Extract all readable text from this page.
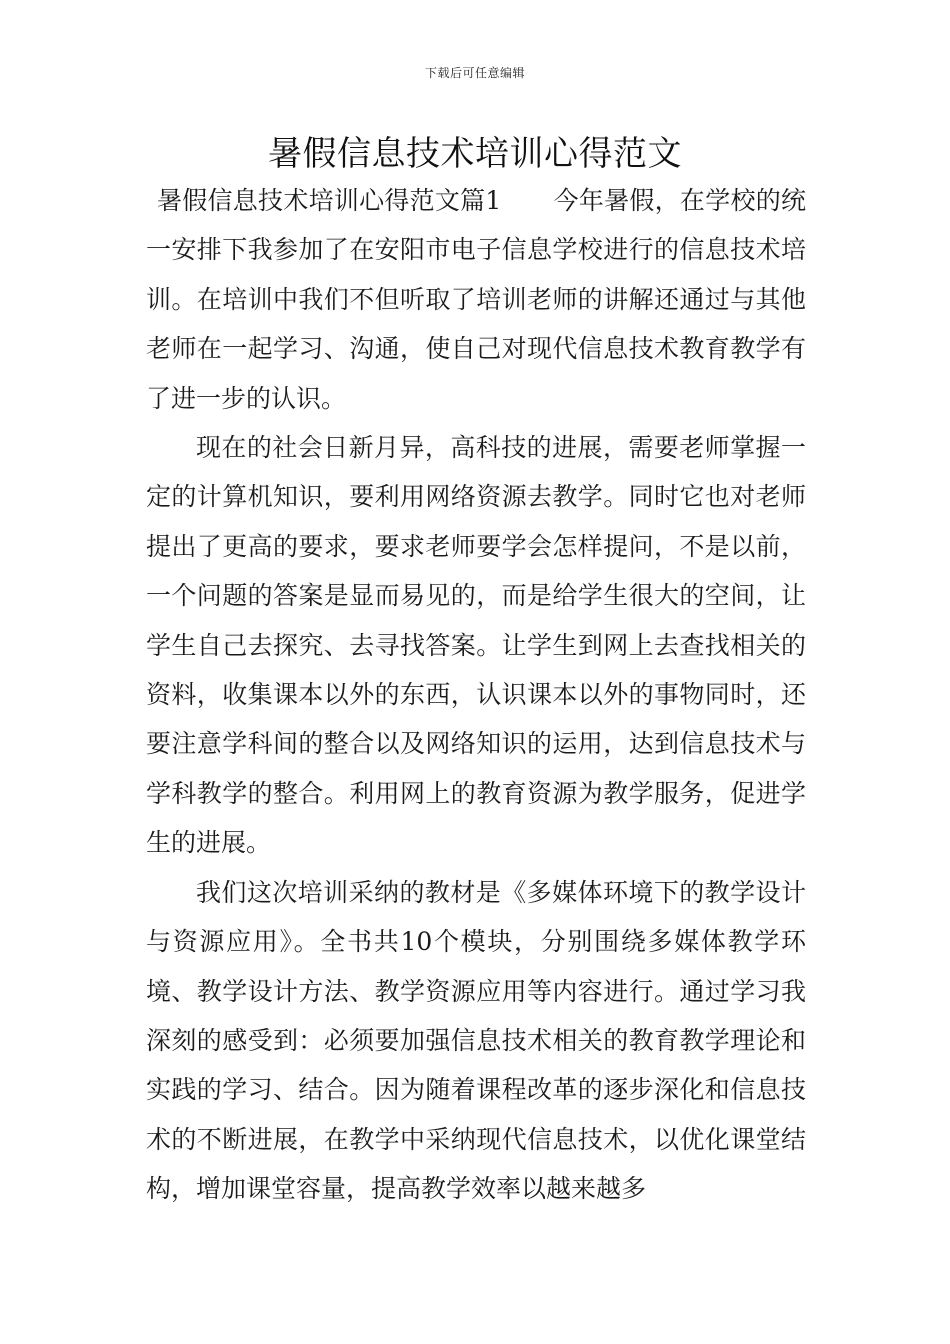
下载后可任意编辑
暑假信息技术培训心得范文

暑假信息技术培训心得范文篇1 今年暑假，在学校的统一安排下我参加了在安阳市电子信息学校进行的信息技术培训。在培训中我们不但听取了培训老师的讲解还通过与其他老师在一起学习、沟通，使自己对现代信息技术教育教学有了进一步的认识。

现在的社会日新月异，高科技的进展，需要老师掌握一定的计算机知识，要利用网络资源去教学。同时它也对老师提出了更高的要求，要求老师要学会怎样提问，不是以前，一个问题的答案是显而易见的，而是给学生很大的空间，让学生自己去探究、去寻找答案。让学生到网上去查找相关的资料，收集课本以外的东西，认识课本以外的事物同时，还要注意学科间的整合以及网络知识的运用，达到信息技术与学科教学的整合。利用网上的教育资源为教学服务，促进学生的进展。

我们这次培训采纳的教材是《多媒体环境下的教学设计与资源应用》。全书共10个模块，分别围绕多媒体教学环境、教学设计方法、教学资源应用等内容进行。通过学习我深刻的感受到：必须要加强信息技术相关的教育教学理论和实践的学习、结合。因为随着课程改革的逐步深化和信息技术的不断进展，在教学中采纳现代信息技术，以优化课堂结构，增加课堂容量，提高教学效率以越来越多
